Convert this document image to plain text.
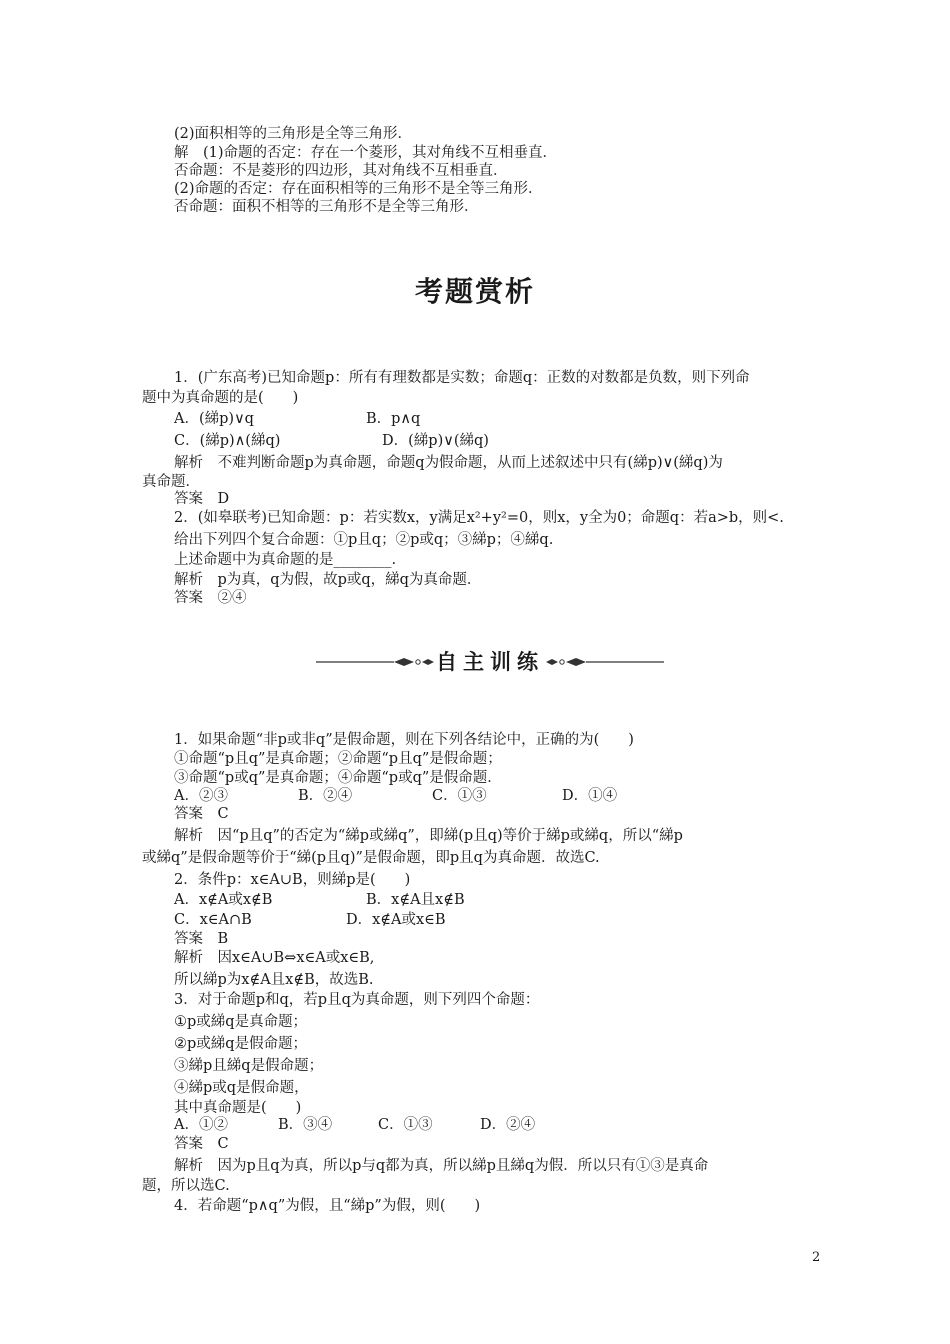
(2)面积相等的三角形是全等三角形．
解　(1)命题的否定：存在一个菱形，其对角线不互相垂直．
否命题：不是菱形的四边形，其对角线不互相垂直．
(2)命题的否定：存在面积相等的三角形不是全等三角形．
否命题：面积不相等的三角形不是全等三角形．
考题赏析
1．(广东高考)已知命题p：所有有理数都是实数；命题q：正数的对数都是负数，则下列命
题中为真命题的是(　　)
A．(綈p)∨q	B．p∧q
C．(綈p)∧(綈q)	D．(綈p)∨(綈q)
解析　不难判断命题p为真命题，命题q为假命题，从而上述叙述中只有(綈p)∨(綈q)为
真命题．
答案　D
2．(如皋联考)已知命题：p：若实数x，y满足x²+y²=0，则x，y全为0；命题q：若a>b，则<.
给出下列四个复合命题：①p且q；②p或q；③綈p；④綈q.
上述命题中为真命题的是________.
解析　p为真，q为假，故p或q，綈q为真命题．
答案　②④
自主训练
1．如果命题“非p或非q”是假命题，则在下列各结论中，正确的为(　　)
①命题“p且q”是真命题；②命题“p且q”是假命题；
③命题“p或q”是真命题；④命题“p或q”是假命题．
A．②③	B．②④	C．①③	D．①④
答案　C
解析　因“p且q”的否定为“綈p或綈q”，即綈(p且q)等价于綈p或綈q，所以“綈p
或綈q”是假命题等价于“綈(p且q)”是假命题，即p且q为真命题．故选C.
2．条件p：x∈A∪B，则綈p是(　　)
A．x∉A或x∉B	B．x∉A且x∉B
C．x∈A∩B	D．x∉A或x∈B
答案　B
解析　因x∈A∪B⇔x∈A或x∈B,
所以綈p为x∉A且x∉B，故选B.
3．对于命题p和q，若p且q为真命题，则下列四个命题：
①p或綈q是真命题；
②p或綈q是假命题；
③綈p且綈q是假命题；
④綈p或q是假命题，
其中真命题是(　　)
A．①②	B．③④	C．①③	D．②④
答案　C
解析　因为p且q为真，所以p与q都为真，所以綈p且綈q为假．所以只有①③是真命
题，所以选C.
4．若命题“p∧q”为假，且“綈p”为假，则(　　)
2
